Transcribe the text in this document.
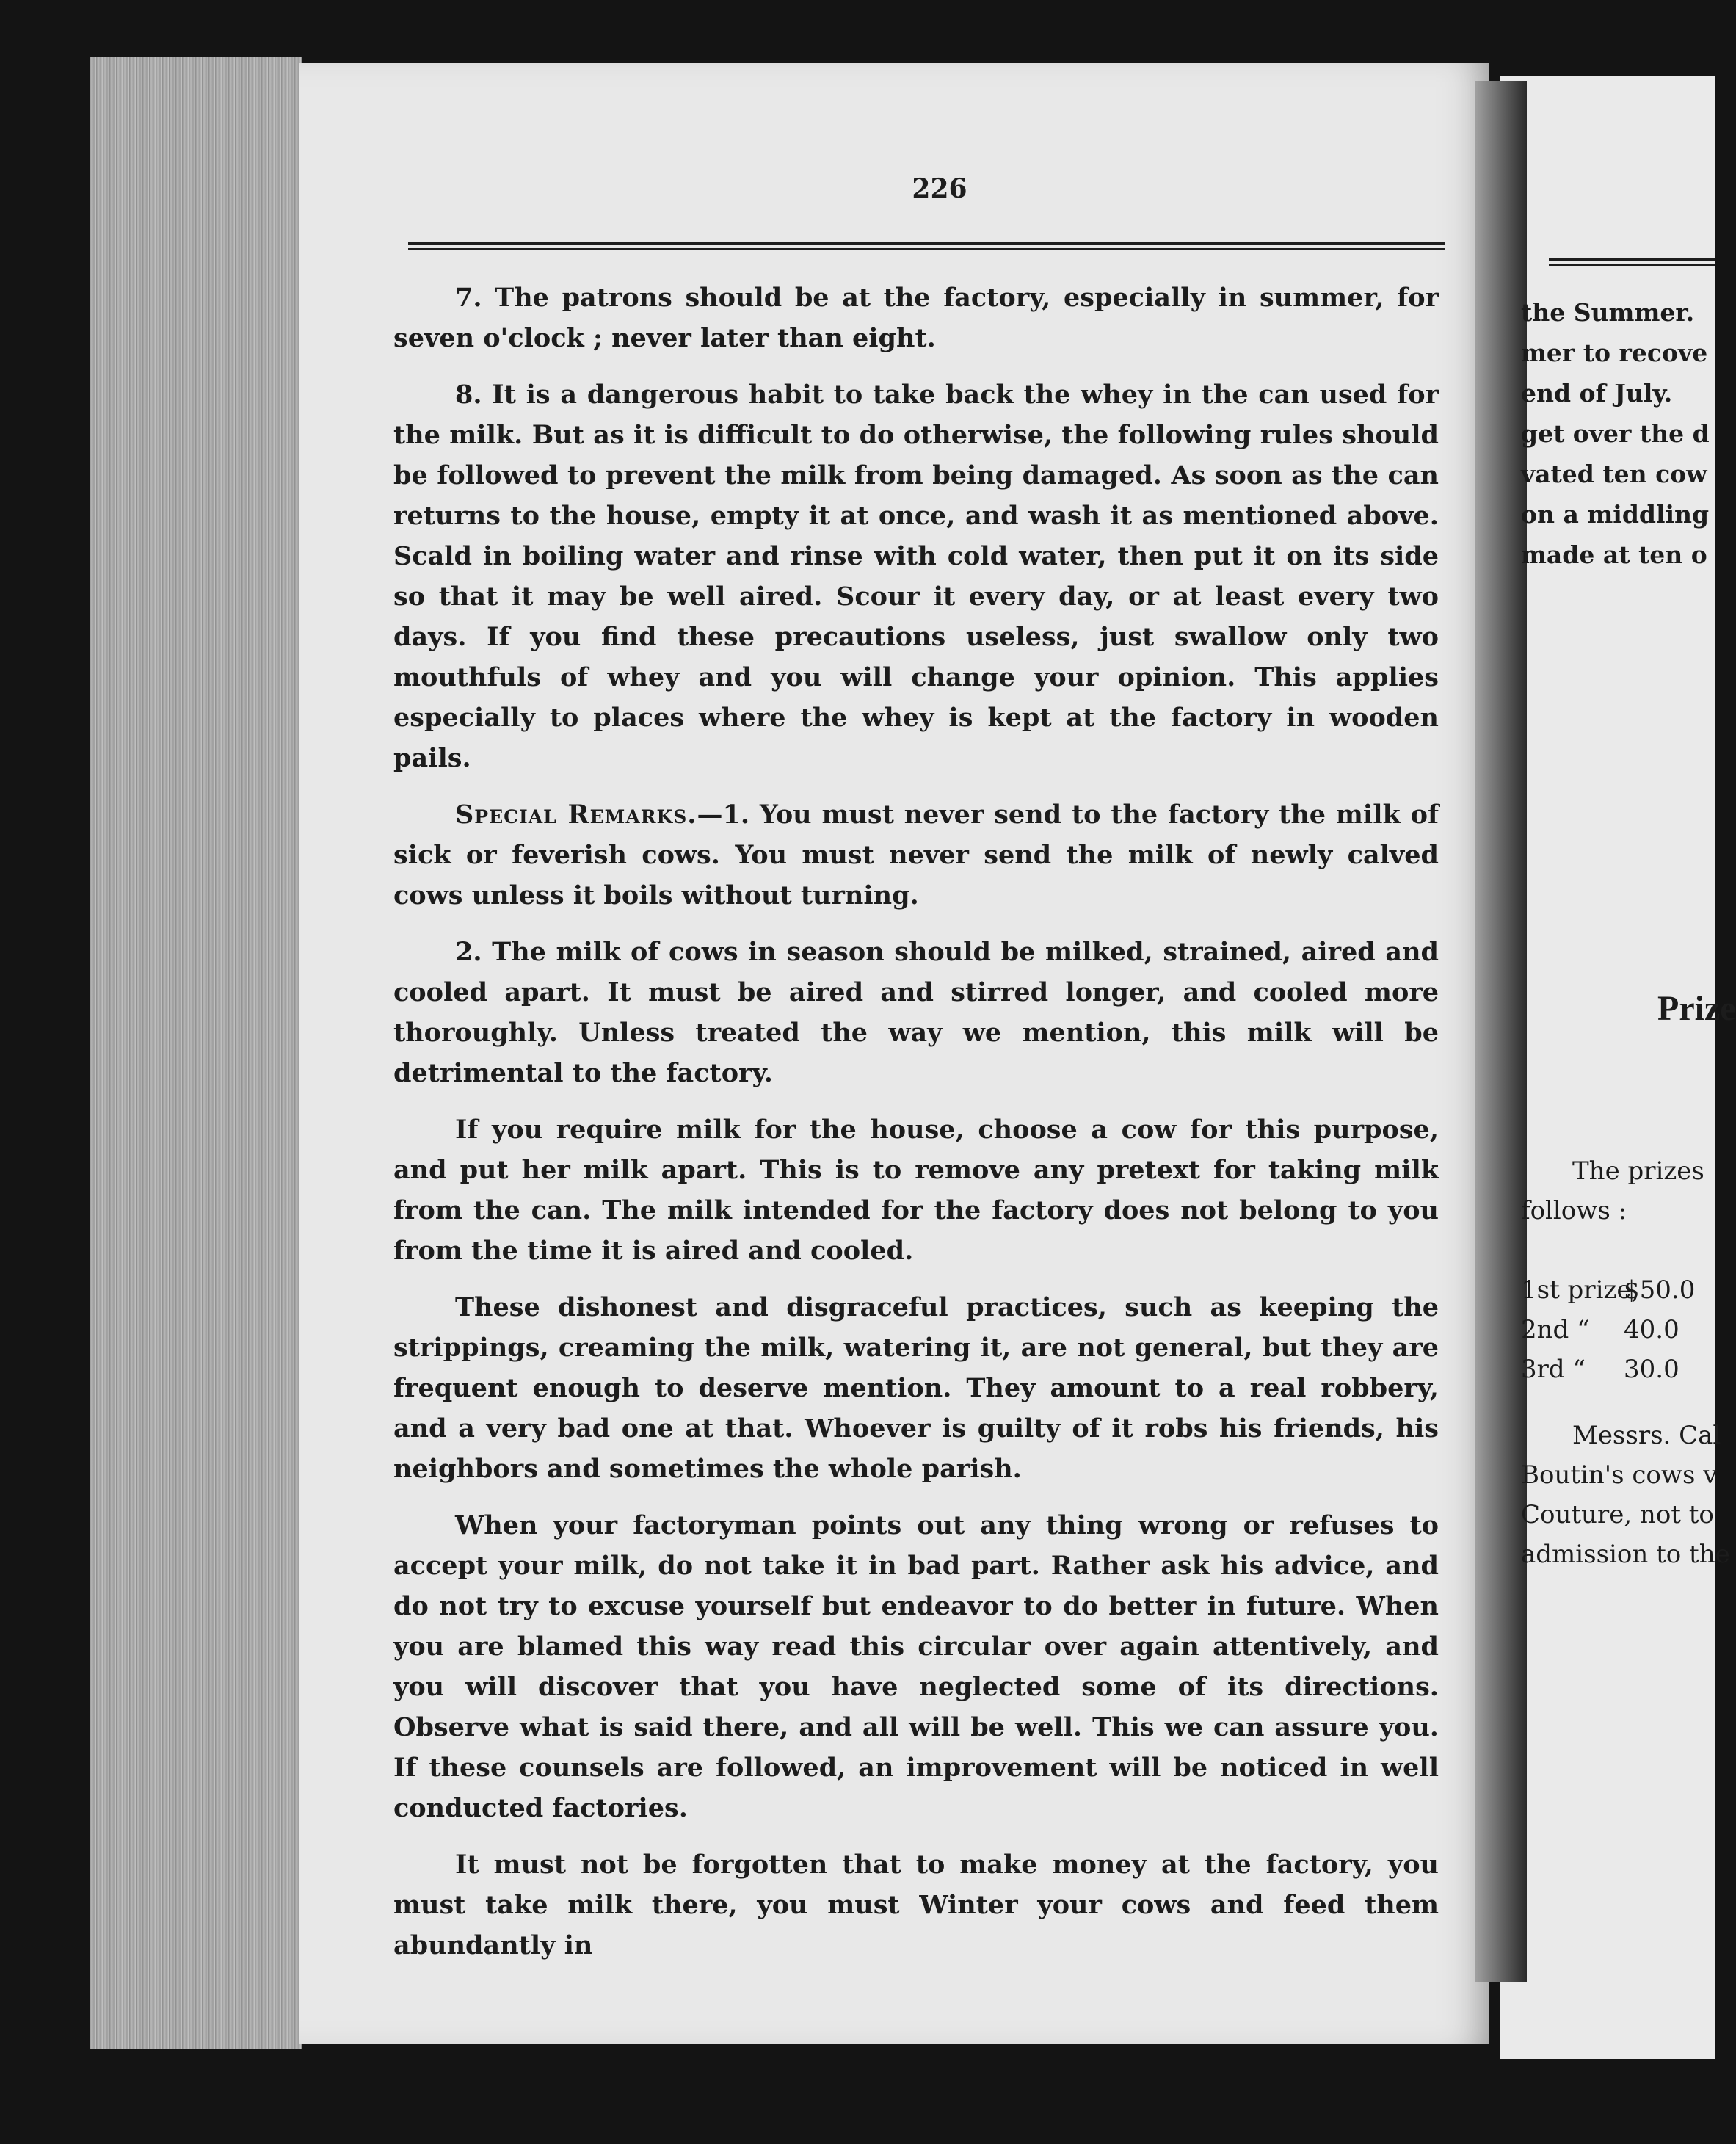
226

7. The patrons should be at the factory, especially in summer, for seven o'clock ; never later than eight.

8. It is a dangerous habit to take back the whey in the can used for the milk. But as it is difficult to do otherwise, the following rules should be followed to prevent the milk from being damaged. As soon as the can returns to the house, empty it at once, and wash it as mentioned above. Scald in boiling water and rinse with cold water, then put it on its side so that it may be well aired. Scour it every day, or at least every two days. If you find these precautions useless, just swallow only two mouthfuls of whey and you will change your opinion. This applies especially to places where the whey is kept at the factory in wooden pails.

Special Remarks.—1. You must never send to the factory the milk of sick or feverish cows. You must never send the milk of newly calved cows unless it boils without turning.

2. The milk of cows in season should be milked, strained, aired and cooled apart. It must be aired and stirred longer, and cooled more thoroughly. Unless treated the way we mention, this milk will be detrimental to the factory.

If you require milk for the house, choose a cow for this purpose, and put her milk apart. This is to remove any pretext for taking milk from the can. The milk intended for the factory does not belong to you from the time it is aired and cooled.

These dishonest and disgraceful practices, such as keeping the strippings, creaming the milk, watering it, are not general, but they are frequent enough to deserve mention. They amount to a real robbery, and a very bad one at that. Whoever is guilty of it robs his friends, his neighbors and sometimes the whole parish.

When your factoryman points out any thing wrong or refuses to accept your milk, do not take it in bad part. Rather ask his advice, and do not try to excuse yourself but endeavor to do better in future. When you are blamed this way read this circular over again attentively, and you will discover that you have neglected some of its directions. Observe what is said there, and all will be well. This we can assure you. If these counsels are followed, an improvement will be noticed in well conducted factories.

It must not be forgotten that to make money at the factory, you must take milk there, you must Winter your cows and feed them abundantly in

the Summer.
mer to recove
end of July.
get over the d
vated ten cow
on a middling
made at ten o
Prize
The prizes
follows :
1st prize,$50.0
2nd “ 40.0
3rd “ 30.0
Messrs. Cal
Boutin's cows v
Couture, not to
admission to the
